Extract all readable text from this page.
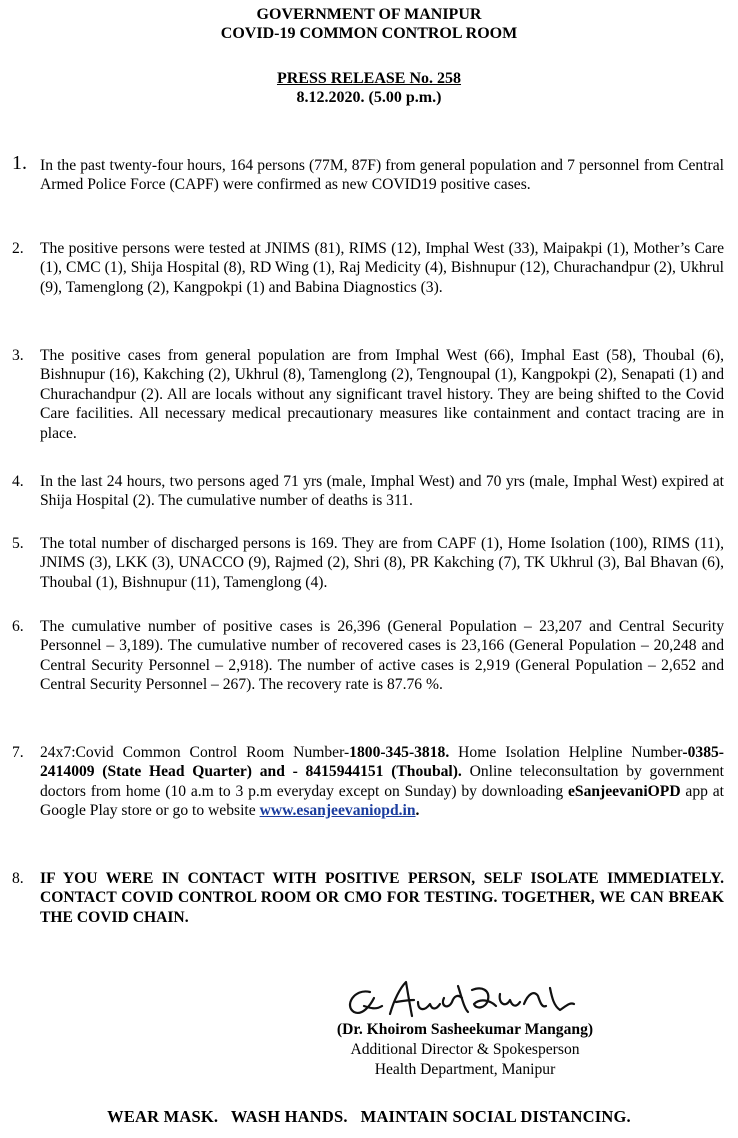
GOVERNMENT OF MANIPUR
COVID-19 COMMON CONTROL ROOM
PRESS RELEASE No. 258
8.12.2020. (5.00 p.m.)
1. In the past twenty-four hours, 164 persons (77M, 87F) from general population and 7 personnel from Central Armed Police Force (CAPF) were confirmed as new COVID19 positive cases.
2.	The positive persons were tested at JNIMS (81), RIMS (12), Imphal West (33), Maipakpi (1), Mother’s Care (1), CMC (1), Shija Hospital (8), RD Wing (1), Raj Medicity (4), Bishnupur (12), Churachandpur (2), Ukhrul (9), Tamenglong (2), Kangpokpi (1) and Babina Diagnostics (3).
3.	The positive cases from general population are from Imphal West (66), Imphal East (58), Thoubal (6), Bishnupur (16), Kakching (2), Ukhrul (8), Tamenglong (2), Tengnoupal (1), Kangpokpi (2), Senapati (1) and Churachandpur (2). All are locals without any significant travel history. They are being shifted to the Covid Care facilities. All necessary medical precautionary measures like containment and contact tracing are in place.
4.	In the last 24 hours, two persons aged 71 yrs (male, Imphal West) and 70 yrs (male, Imphal West) expired at Shija Hospital (2). The cumulative number of deaths is 311.
5.	The total number of discharged persons is 169. They are from CAPF (1), Home Isolation (100), RIMS (11), JNIMS (3), LKK (3), UNACCO (9), Rajmed (2), Shri (8), PR Kakching (7), TK Ukhrul (3), Bal Bhavan (6), Thoubal (1), Bishnupur (11), Tamenglong (4).
6.	The cumulative number of positive cases is 26,396 (General Population – 23,207 and Central Security Personnel – 3,189). The cumulative number of recovered cases is 23,166 (General Population – 20,248 and Central Security Personnel – 2,918). The number of active cases is 2,919 (General Population – 2,652 and Central Security Personnel – 267). The recovery rate is 87.76 %.
7.	24x7:Covid Common Control Room Number-1800-345-3818. Home Isolation Helpline Number-0385-2414009 (State Head Quarter) and - 8415944151 (Thoubal). Online teleconsultation by government doctors from home (10 a.m to 3 p.m everyday except on Sunday) by downloading eSanjeevaniOPD app at Google Play store or go to website www.esanjeevaniopd.in.
8.	IF YOU WERE IN CONTACT WITH POSITIVE PERSON, SELF ISOLATE IMMEDIATELY. CONTACT COVID CONTROL ROOM OR CMO FOR TESTING. TOGETHER, WE CAN BREAK THE COVID CHAIN.
(Dr. Khoirom Sasheekumar Mangang)
Additional Director & Spokesperson
Health Department, Manipur
WEAR MASK.   WASH HANDS.   MAINTAIN SOCIAL DISTANCING.
